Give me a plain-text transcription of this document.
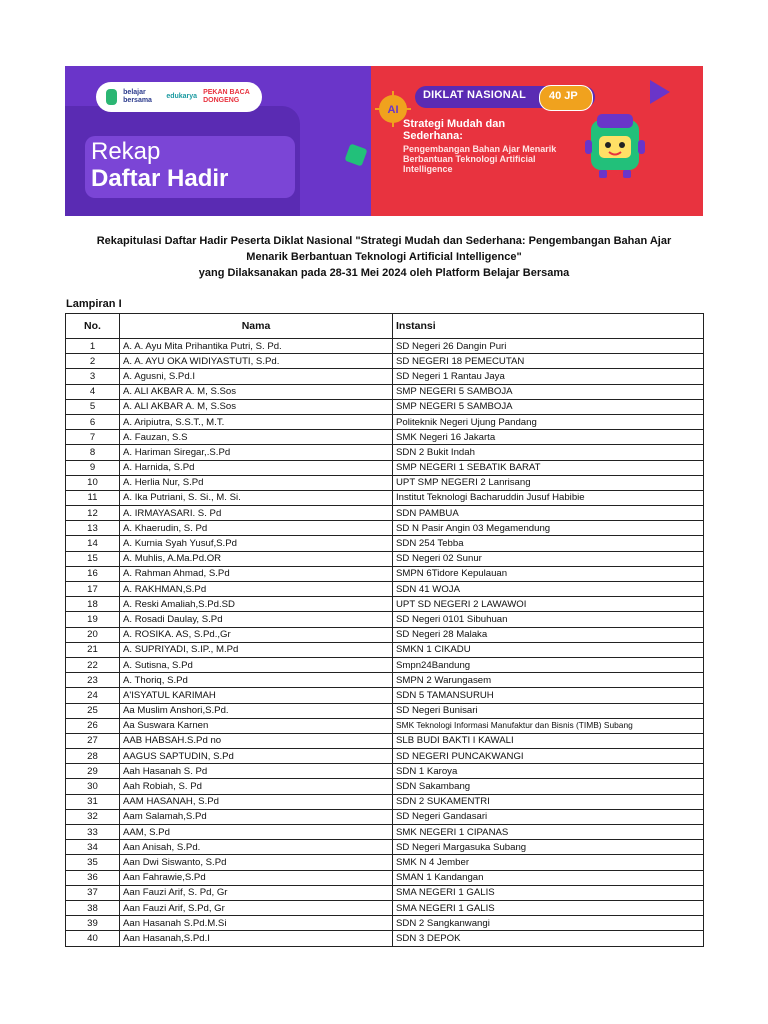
belajar bersama
edukarya
PEKAN BACA DONGENG
Rekap
Daftar Hadir
AI
DIKLAT NASIONAL 40 JP
Strategi Mudah dan Sederhana:
Pengembangan Bahan Ajar Menarik Berbantuan Teknologi Artificial Intelligence
Rekapitulasi Daftar Hadir Peserta Diklat Nasional "Strategi Mudah dan Sederhana: Pengembangan Bahan Ajar
Menarik Berbantuan Teknologi Artificial Intelligence"
yang Dilaksanakan pada 28-31 Mei 2024 oleh Platform Belajar Bersama
Lampiran I
No.	Nama	Instansi
1	A. A. Ayu Mita Prihantika Putri, S. Pd.	SD Negeri 26 Dangin Puri
2	A. A. AYU OKA WIDIYASTUTI, S.Pd.	SD NEGERI 18 PEMECUTAN
3	A. Agusni, S.Pd.I	SD Negeri 1 Rantau Jaya
4	A. ALI AKBAR A. M, S.Sos	SMP NEGERI 5 SAMBOJA
5	A. ALI AKBAR A. M, S.Sos	SMP NEGERI 5 SAMBOJA
6	A. Aripiutra, S.S.T., M.T.	Politeknik Negeri Ujung Pandang
7	A. Fauzan, S.S	SMK Negeri 16 Jakarta
8	A. Hariman Siregar,.S.Pd	SDN 2 Bukit Indah
9	A. Harnida, S.Pd	SMP NEGERI 1 SEBATIK BARAT
10	A. Herlia Nur, S.Pd	UPT SMP NEGERI 2 Lanrisang
11	A. Ika Putriani, S. Si., M. Si.	Institut Teknologi Bacharuddin Jusuf Habibie
12	A. IRMAYASARI. S. Pd	SDN PAMBUA
13	A. Khaerudin, S. Pd	SD N Pasir Angin 03 Megamendung
14	A. Kurnia Syah Yusuf,S.Pd	SDN 254 Tebba
15	A. Muhlis, A.Ma.Pd.OR	SD Negeri 02 Sunur
16	A. Rahman Ahmad, S.Pd	SMPN 6Tidore Kepulauan
17	A. RAKHMAN,S.Pd	SDN 41 WOJA
18	A. Reski Amaliah,S.Pd.SD	UPT SD NEGERI 2 LAWAWOI
19	A. Rosadi Daulay, S.Pd	SD Negeri 0101 Sibuhuan
20	A. ROSIKA. AS, S.Pd.,Gr	SD Negeri 28 Malaka
21	A. SUPRIYADI, S.IP., M.Pd	SMKN 1 CIKADU
22	A. Sutisna, S.Pd	Smpn24Bandung
23	A. Thoriq, S.Pd	SMPN 2 Warungasem
24	A'ISYATUL KARIMAH	SDN 5 TAMANSURUH
25	Aa Muslim Anshori,S.Pd.	SD Negeri Bunisari
26	Aa Suswara Karnen	SMK Teknologi Informasi Manufaktur dan Bisnis (TIMB) Subang
27	AAB HABSAH.S.Pd no	SLB BUDI BAKTI I KAWALI
28	AAGUS SAPTUDIN, S.Pd	SD NEGERI PUNCAKWANGI
29	Aah Hasanah S. Pd	SDN 1 Karoya
30	Aah Robiah, S. Pd	SDN Sakambang
31	AAM HASANAH, S.Pd	SDN 2 SUKAMENTRI
32	Aam Salamah,S.Pd	SD Negeri Gandasari
33	AAM, S.Pd	SMK NEGERI 1 CIPANAS
34	Aan Anisah, S.Pd.	SD Negeri Margasuka Subang
35	Aan Dwi Siswanto, S.Pd	SMK N 4 Jember
36	Aan Fahrawie,S.Pd	SMAN 1 Kandangan
37	Aan Fauzi Arif, S. Pd, Gr	SMA NEGERI 1 GALIS
38	Aan Fauzi Arif, S.Pd, Gr	SMA NEGERI 1 GALIS
39	Aan Hasanah S.Pd.M.Si	SDN 2 Sangkanwangi
40	Aan Hasanah,S.Pd.I	SDN 3 DEPOK
